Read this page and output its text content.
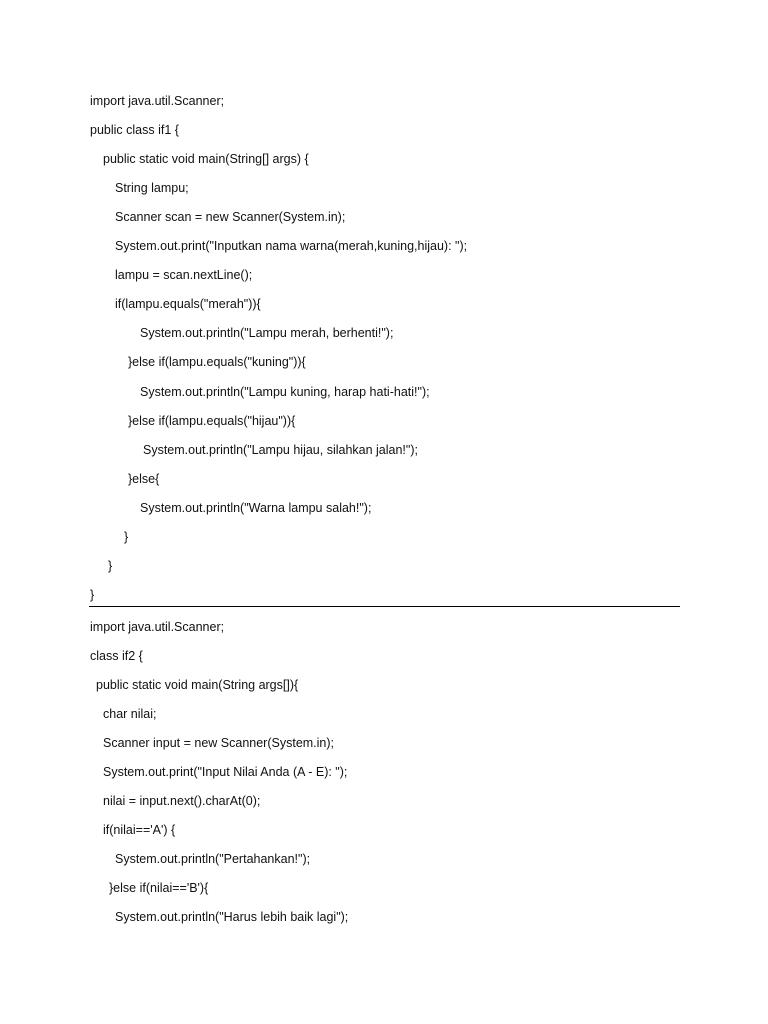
import java.util.Scanner;
public class if1 {
public static void main(String[] args) {
String lampu;
Scanner scan = new Scanner(System.in);
System.out.print("Inputkan nama warna(merah,kuning,hijau): ");
lampu = scan.nextLine();
if(lampu.equals("merah")){
System.out.println("Lampu merah, berhenti!");
}else if(lampu.equals("kuning")){
System.out.println("Lampu kuning, harap hati-hati!");
}else if(lampu.equals("hijau")){
System.out.println("Lampu hijau, silahkan jalan!");
}else{
System.out.println("Warna lampu salah!");
}
}
}
import java.util.Scanner;
class if2 {
public static void main(String args[]){
char nilai;
Scanner input = new Scanner(System.in);
System.out.print("Input Nilai Anda (A - E): ");
nilai = input.next().charAt(0);
if(nilai=='A') {
System.out.println("Pertahankan!");
}else if(nilai=='B'){
System.out.println("Harus lebih baik lagi");
